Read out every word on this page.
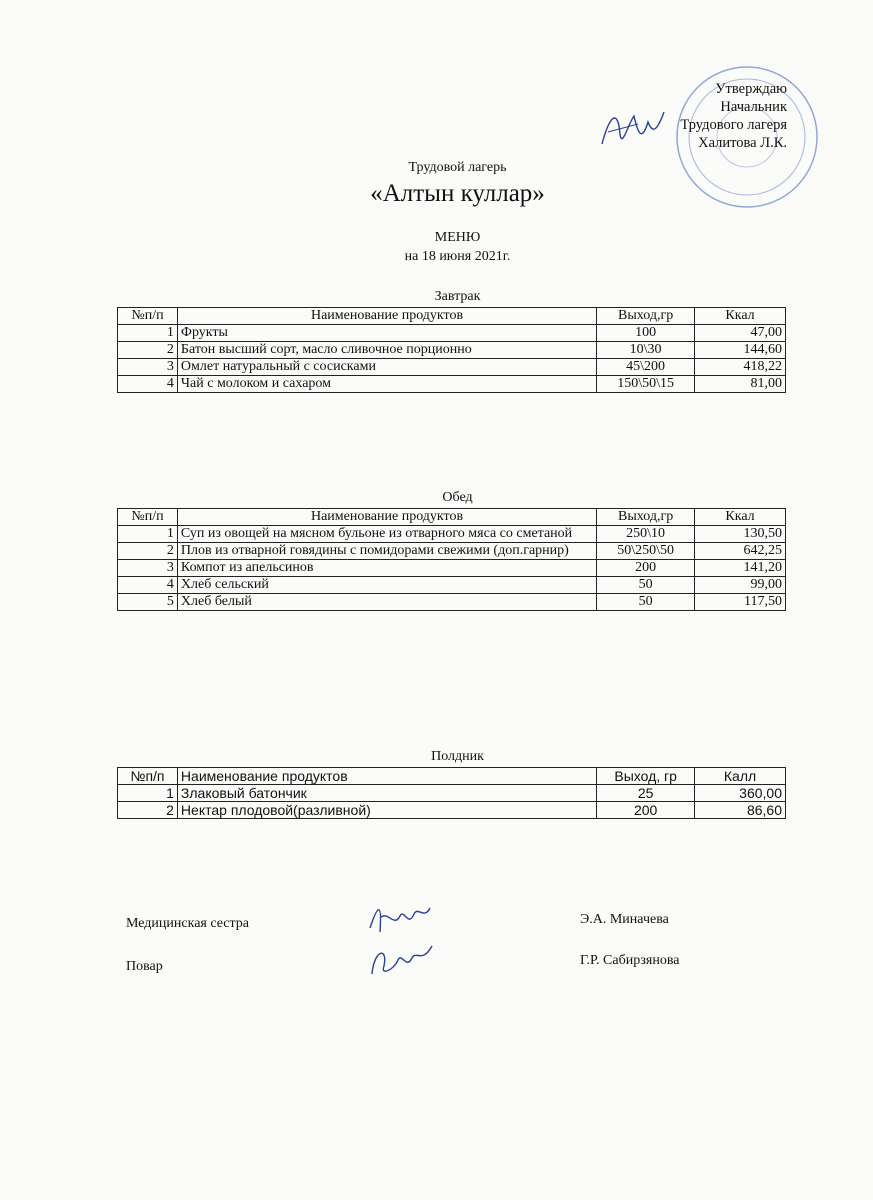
Утверждаю
Начальник
Трудового лагеря
Халитова Л.К.
Трудовой лагерь
«Алтын куллар»
МЕНЮ
на 18 июня 2021г.
Завтрак
№п/п	Наименование продуктов	Выход,гр	Ккал
1	Фрукты	100	47,00
2	Батон высший сорт, масло сливочное порционно	10\30	144,60
3	Омлет натуральный с сосисками	45\200	418,22
4	Чай с молоком и сахаром	150\50\15	81,00
Обед
№п/п	Наименование продуктов	Выход,гр	Ккал
1	Суп из овощей на мясном бульоне из отварного мяса со сметаной	250\10	130,50
2	Плов из отварной говядины с помидорами свежими (доп.гарнир)	50\250\50	642,25
3	Компот из апельсинов	200	141,20
4	Хлеб сельский	50	99,00
5	Хлеб белый	50	117,50
Полдник
№п/п	Наименование продуктов	Выход, гр	Калл
1	Злаковый батончик	25	360,00
2	Нектар плодовой(разливной)	200	86,60
Медицинская сестра	Э.А. Миначева
Повар	Г.Р. Сабирзянова
